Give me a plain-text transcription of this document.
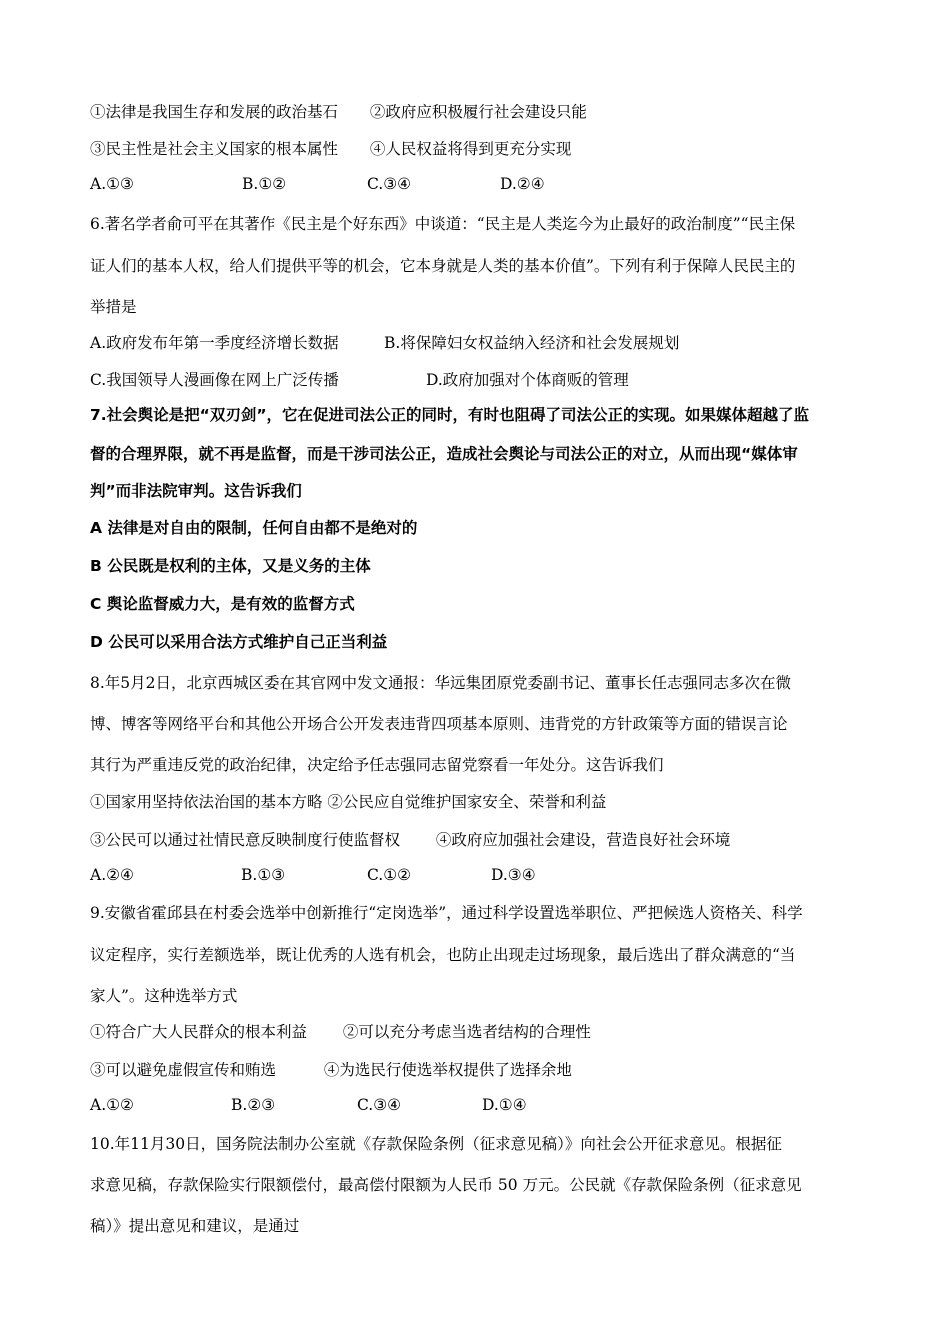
①法律是我国生存和发展的政治基石 ②政府应积极履行社会建设只能
③民主性是社会主义国家的根本属性 ④人民权益将得到更充分实现
A.①③	B.①②	C.③④	D.②④
6.著名学者俞可平在其著作《民主是个好东西》中谈道：“民主是人类迄今为止最好的政治制度”“民主保
证人们的基本人权，给人们提供平等的机会，它本身就是人类的基本价值”。下列有利于保障人民民主的
举措是
A.政府发布年第一季度经济增长数据	B.将保障妇女权益纳入经济和社会发展规划
C.我国领导人漫画像在网上广泛传播	D.政府加强对个体商贩的管理
7.社会舆论是把“双刃剑”，它在促进司法公正的同时，有时也阻碍了司法公正的实现。如果媒体超越了监
督的合理界限，就不再是监督，而是干涉司法公正，造成社会舆论与司法公正的对立，从而出现“媒体审
判”而非法院审判。这告诉我们
A 法律是对自由的限制，任何自由都不是绝对的
B 公民既是权利的主体，又是义务的主体
C 舆论监督威力大，是有效的监督方式
D 公民可以采用合法方式维护自己正当利益
8.年5月2日，北京西城区委在其官网中发文通报：华远集团原党委副书记、董事长任志强同志多次在微
博、博客等网络平台和其他公开场合公开发表违背四项基本原则、违背党的方针政策等方面的错误言论
其行为严重违反党的政治纪律，决定给予任志强同志留党察看一年处分。这告诉我们
①国家用坚持依法治国的基本方略 ②公民应自觉维护国家安全、荣誉和利益
③公民可以通过社情民意反映制度行使监督权 ④政府应加强社会建设，营造良好社会环境
A.②④	B.①③	C.①②	D.③④
9.安徽省霍邱县在村委会选举中创新推行“定岗选举”，通过科学设置选举职位、严把候选人资格关、科学
议定程序，实行差额选举，既让优秀的人选有机会，也防止出现走过场现象，最后选出了群众满意的“当
家人”。这种选举方式
①符合广大人民群众的根本利益 ②可以充分考虑当选者结构的合理性
③可以避免虚假宣传和贿选	④为选民行使选举权提供了选择余地
A.①②	B.②③	C.③④	D.①④
10.年11月30日，国务院法制办公室就《存款保险条例（征求意见稿）》向社会公开征求意见。根据征
求意见稿，存款保险实行限额偿付，最高偿付限额为人民币 50 万元。公民就《存款保险条例（征求意见
稿）》提出意见和建议，是通过
